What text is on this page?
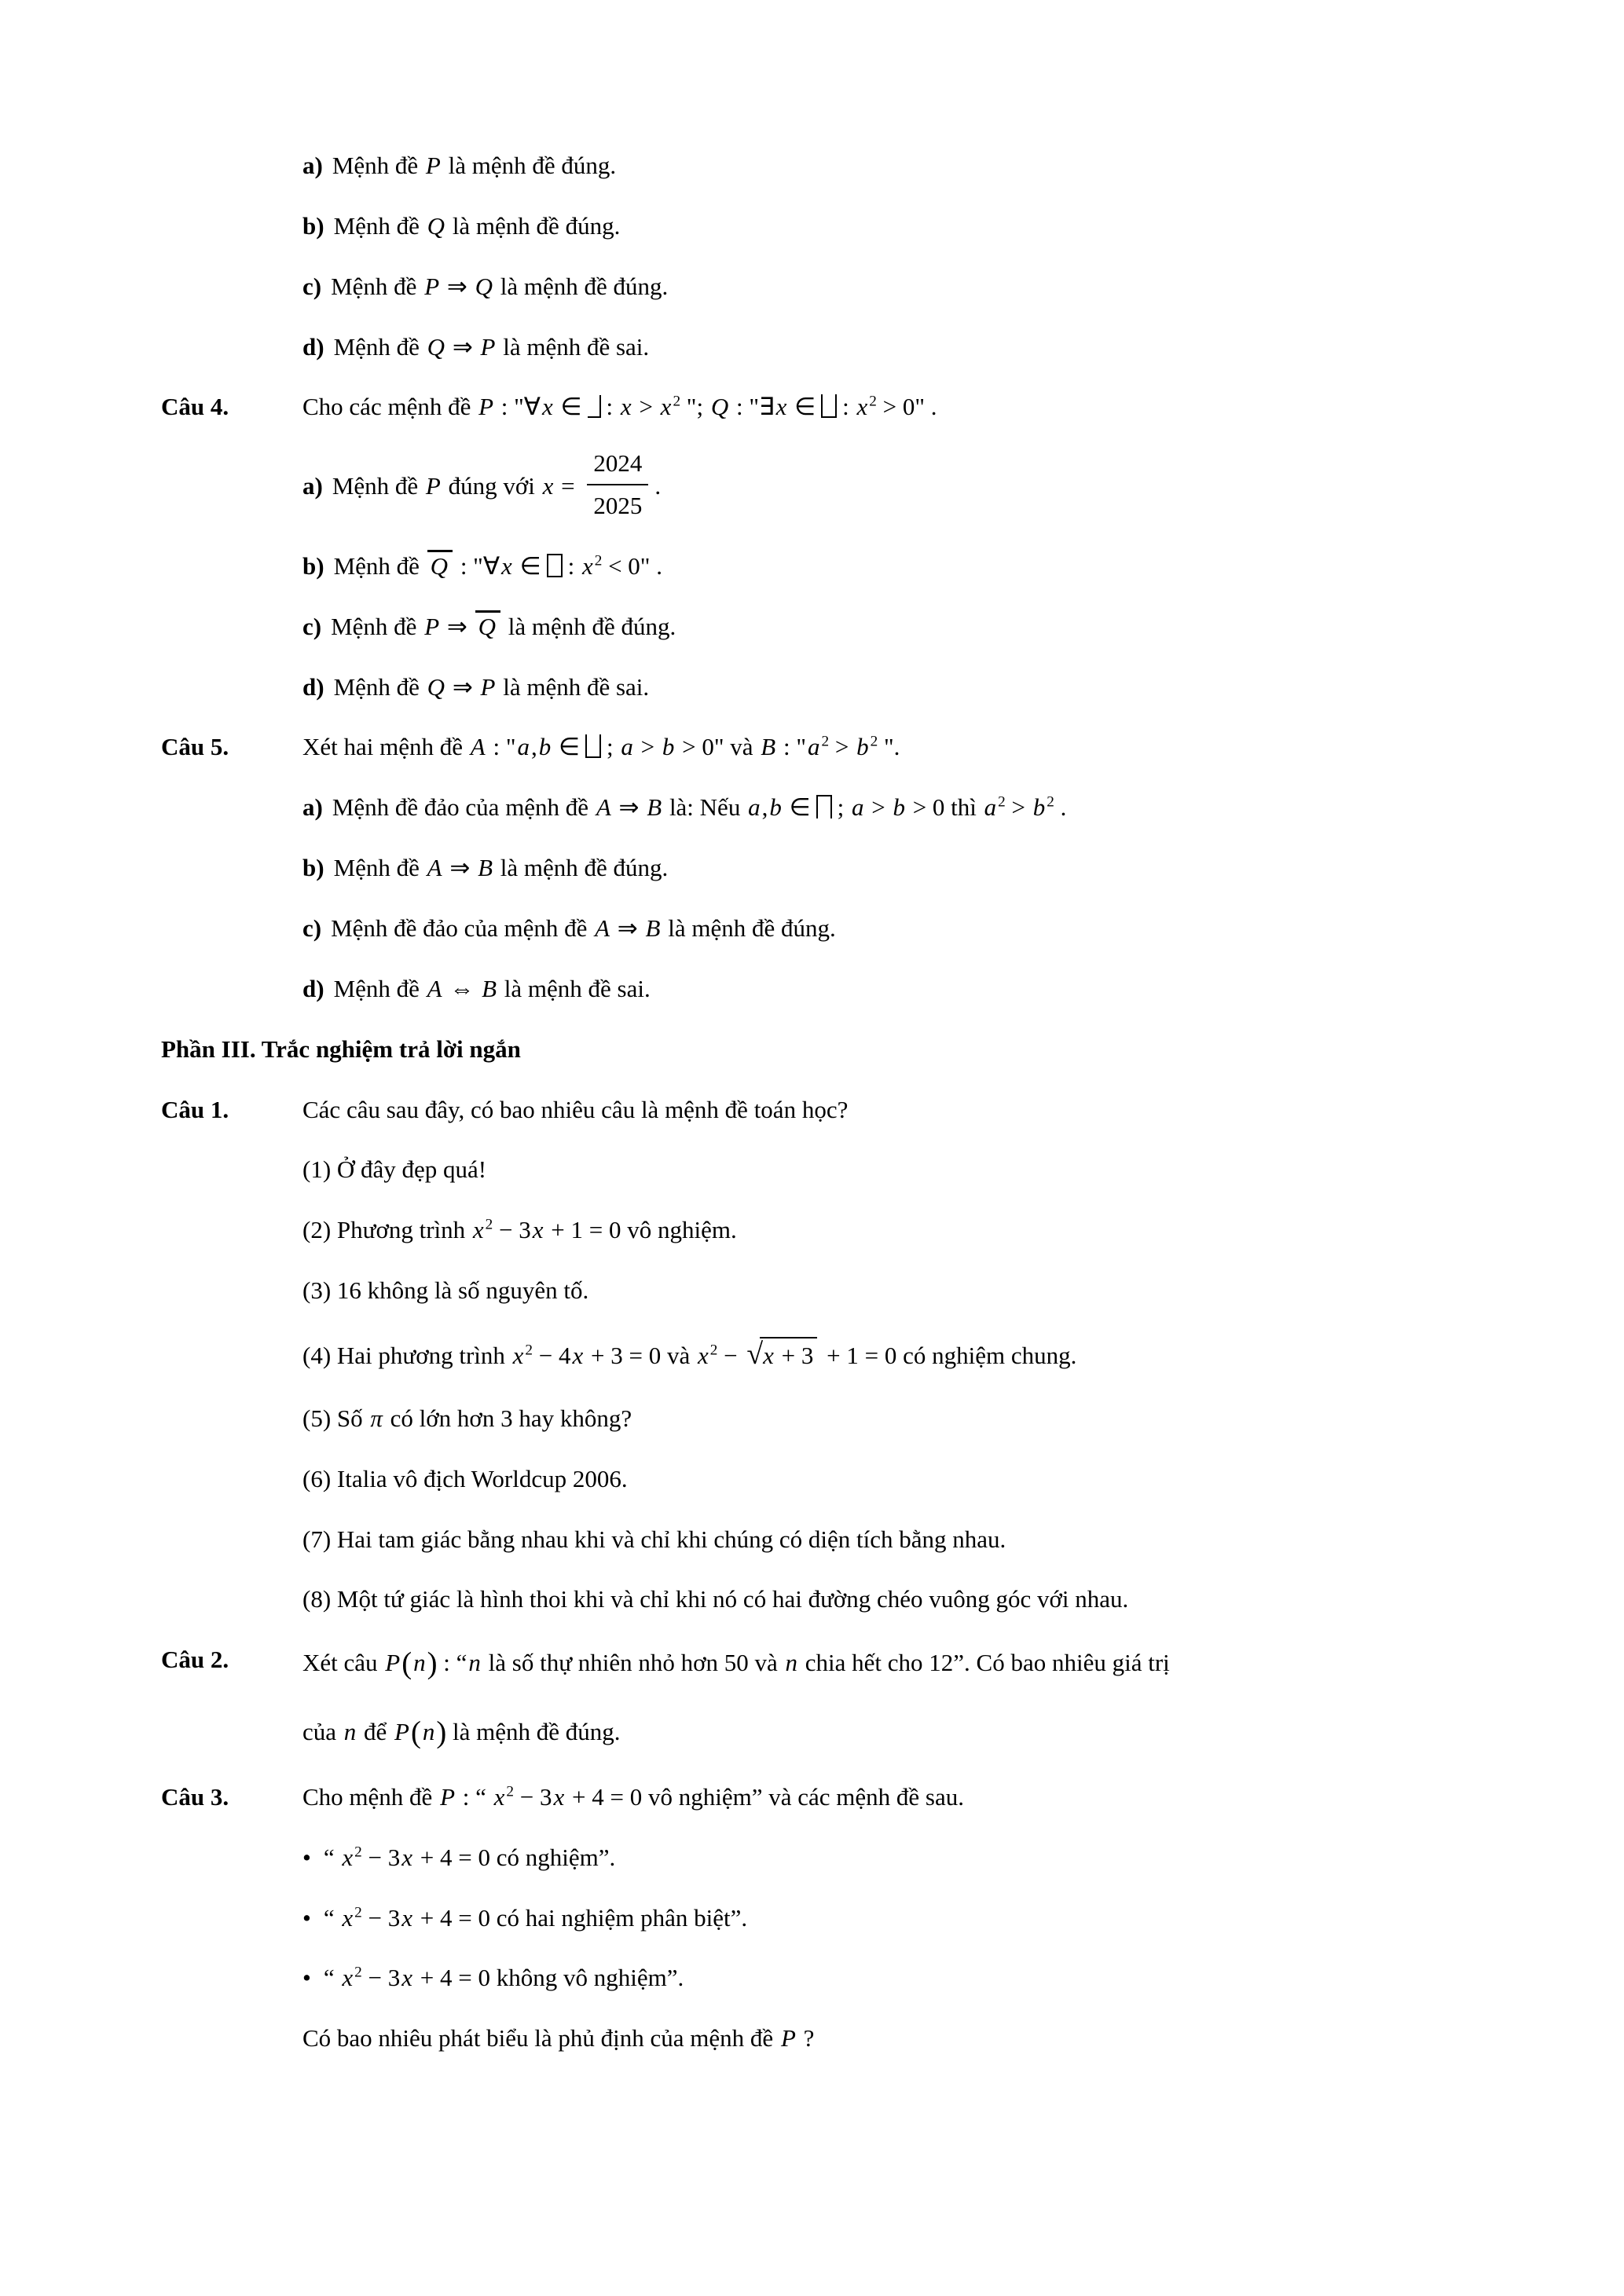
a) Mệnh đề P là mệnh đề đúng.
b) Mệnh đề Q là mệnh đề đúng.
c) Mệnh đề P ⇒ Q là mệnh đề đúng.
d) Mệnh đề Q ⇒ P là mệnh đề sai.
Câu 4.	Cho các mệnh đề P : "∀x ∈ : x > x $^2$ "; Q : "∃x ∈ : x $^2$ > 0" .
a) Mệnh đề P đúng với $x = \frac{2024}{2025}$ .
b) Mệnh đề Q : "∀x ∈ : x $^2$ < 0" .
c) Mệnh đề P ⇒ Q là mệnh đề đúng.
d) Mệnh đề Q ⇒ P là mệnh đề sai.
Câu 5.	Xét hai mệnh đề A : "a,b ∈ ; a > b > 0" và B : "a $^2$ > b $^2$ ".
a) Mệnh đề đảo của mệnh đề A ⇒ B là: Nếu a,b ∈ ; a > b > 0 thì a $^2$ > b $^2$ .
b) Mệnh đề A ⇒ B là mệnh đề đúng.
c) Mệnh đề đảo của mệnh đề A ⇒ B là mệnh đề đúng.
d) Mệnh đề A ⇔ B là mệnh đề sai.
Phần III. Trắc nghiệm trả lời ngắn
Câu 1.	Các câu sau đây, có bao nhiêu câu là mệnh đề toán học?
(1) Ở đây đẹp quá!
(2) Phương trình x $^2$ − 3x + 1 = 0 vô nghiệm.
(3) 16 không là số nguyên tố.
(4) Hai phương trình x $^2$ − 4x + 3 = 0 và x $^2$ − √x + 3 + 1 = 0 có nghiệm chung.
(5) Số π có lớn hơn 3 hay không?
(6) Italia vô địch Worldcup 2006.
(7) Hai tam giác bằng nhau khi và chỉ khi chúng có diện tích bằng nhau.
(8) Một tứ giác là hình thoi khi và chỉ khi nó có hai đường chéo vuông góc với nhau.
Câu 2.	Xét câu P(n) : “n là số thự nhiên nhỏ hơn 50 và n chia hết cho 12”. Có bao nhiêu giá trị
của n để P(n) là mệnh đề đúng.
Câu 3.	Cho mệnh đề P : “ x $^2$ − 3x + 4 = 0 vô nghiệm” và các mệnh đề sau.
• “ x $^2$ − 3x + 4 = 0 có nghiệm”.
• “ x $^2$ − 3x + 4 = 0 có hai nghiệm phân biệt”.
• “ x $^2$ − 3x + 4 = 0 không vô nghiệm”.
Có bao nhiêu phát biểu là phủ định của mệnh đề P ?
